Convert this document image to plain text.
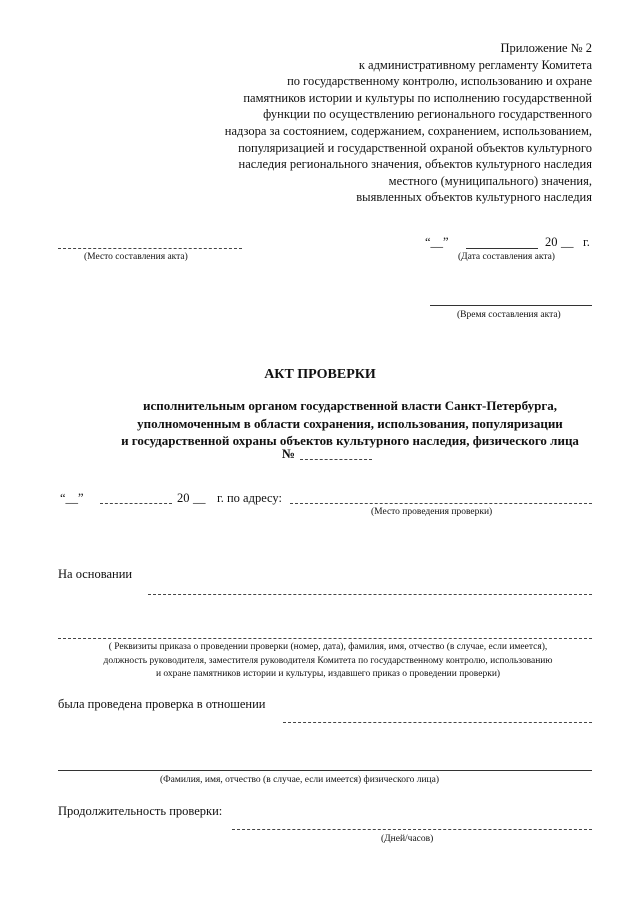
Приложение № 2
к административному регламенту Комитета
по государственному контролю, использованию и охране
памятников истории и культуры по исполнению государственной
функции по осуществлению регионального государственного
надзора за состоянием, содержанием, сохранением, использованием,
популяризацией и государственной охраной объектов культурного
наследия регионального значения, объектов культурного наследия
местного (муниципального) значения,
выявленных объектов культурного наследия
(Место составления акта)
“__”	20 __ г.
(Дата составления акта)
(Время составления акта)
АКТ ПРОВЕРКИ
исполнительным органом государственной власти Санкт-Петербурга,
уполномоченным в области сохранения, использования, популяризации
и государственной охраны объектов культурного наследия, физического лица
№
“__”	20 __ г. по адресу:
(Место проведения проверки)
На основании
( Реквизиты приказа о проведении проверки (номер, дата), фамилия, имя, отчество (в случае, если имеется),
должность руководителя, заместителя руководителя Комитета по государственному контролю, использованию
и охране памятников истории и культуры, издавшего приказ о проведении проверки)
была проведена проверка в отношении
(Фамилия, имя, отчество (в случае, если имеется) физического лица)
Продолжительность проверки:
(Дней/часов)
